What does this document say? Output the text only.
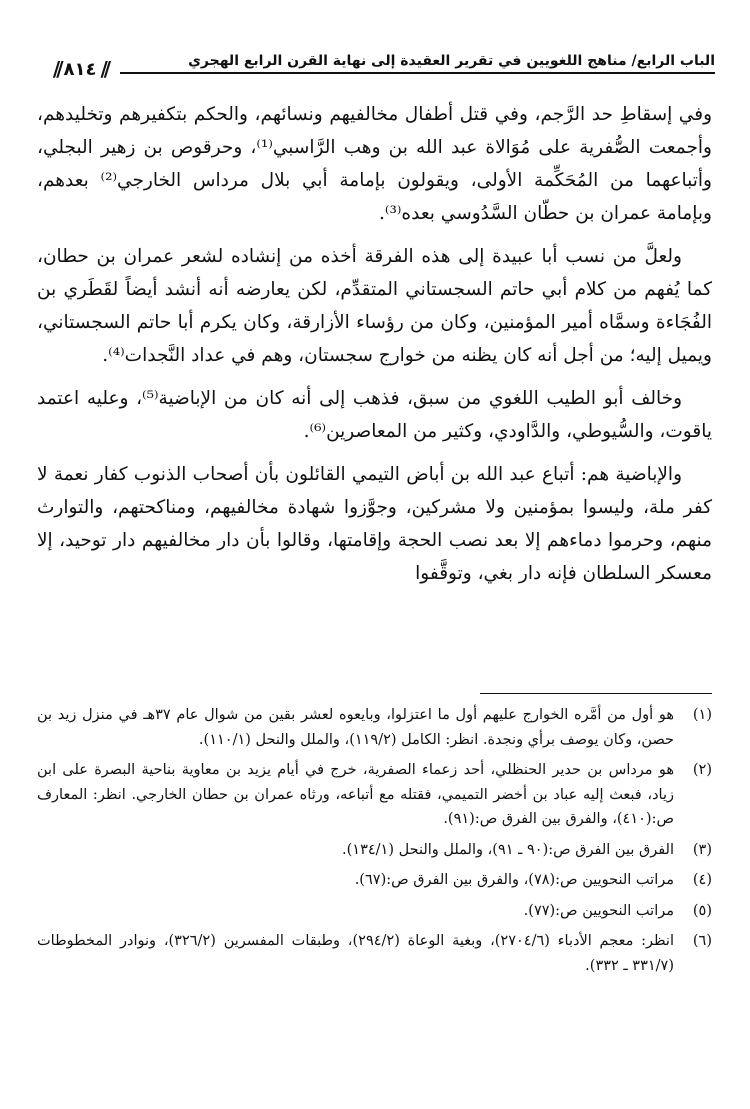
الباب الرابع/ مناهج اللغويين في تقرير العقيدة إلى نهاية القرن الرابع الهجري
//
٨١٤
//

وفي إسقاطِ حد الرَّجم، وفي قتل أطفال مخالفيهم ونسائهم، والحكم بتكفيرهم وتخليدهم، وأجمعت الصُّفرية على مُوَالاة عبد الله بن وهب الرَّاسبي⁽¹⁾، وحرقوص بن زهير البجلي، وأتباعهما من المُحَكِّمة الأولى، ويقولون بإمامة أبي بلال مرداس الخارجي⁽²⁾ بعدهم، وبإمامة عمران بن حطّان السَّدُوسي بعده⁽³⁾.

ولعلَّ من نسب أبا عبيدة إلى هذه الفرقة أخذه من إنشاده لشعر عمران بن حطان، كما يُفهم من كلام أبي حاتم السجستاني المتقدِّم، لكن يعارضه أنه أنشد أيضاً لقَطَري بن الفُجَاءة وسمَّاه أمير المؤمنين، وكان من رؤساء الأزارقة، وكان يكرم أبا حاتم السجستاني، ويميل إليه؛ من أجل أنه كان يظنه من خوارج سجستان، وهم في عداد النَّجدات⁽⁴⁾.

وخالف أبو الطيب اللغوي من سبق، فذهب إلى أنه كان من الإباضية⁽⁵⁾، وعليه اعتمد ياقوت، والسُّيوطي، والدَّاودي، وكثير من المعاصرين⁽⁶⁾.

والإباضية هم: أتباع عبد الله بن أباض التيمي القائلون بأن أصحاب الذنوب كفار نعمة لا كفر ملة، وليسوا بمؤمنين ولا مشركين، وجوَّزوا شهادة مخالفيهم، ومناكحتهم، والتوارث منهم، وحرموا دماءهم إلا بعد نصب الحجة وإقامتها، وقالوا بأن دار مخالفيهم دار توحيد، إلا معسكر السلطان فإنه دار بغي، وتوقَّفوا

(١)
هو أول من أمَّره الخوارج عليهم أول ما اعتزلوا، وبايعوه لعشر بقين من شوال عام ٣٧هـ في منزل زيد بن حصن، وكان يوصف برأي ونجدة. انظر: الكامل (١١٩/٢)، والملل والنحل (١١٠/١).
(٢)
هو مرداس بن حدير الحنظلي، أحد زعماء الصفرية، خرج في أيام يزيد بن معاوية بناحية البصرة على ابن زياد، فبعث إليه عباد بن أخضر التميمي، فقتله مع أتباعه، ورثاه عمران بن حطان الخارجي. انظر: المعارف ص:(٤١٠)، والفرق بين الفرق ص:(٩١).
(٣)
الفرق بين الفرق ص:(٩٠ ـ ٩١)، والملل والنحل (١٣٤/١).
(٤)
مراتب النحويين ص:(٧٨)، والفرق بين الفرق ص:(٦٧).
(٥)
مراتب النحويين ص:(٧٧).
(٦)
انظر: معجم الأدباء (٢٧٠٤/٦)، وبغية الوعاة (٢٩٤/٢)، وطبقات المفسرين (٣٢٦/٢)، ونوادر المخطوطات (٣٣١/٧ ـ ٣٣٢).
